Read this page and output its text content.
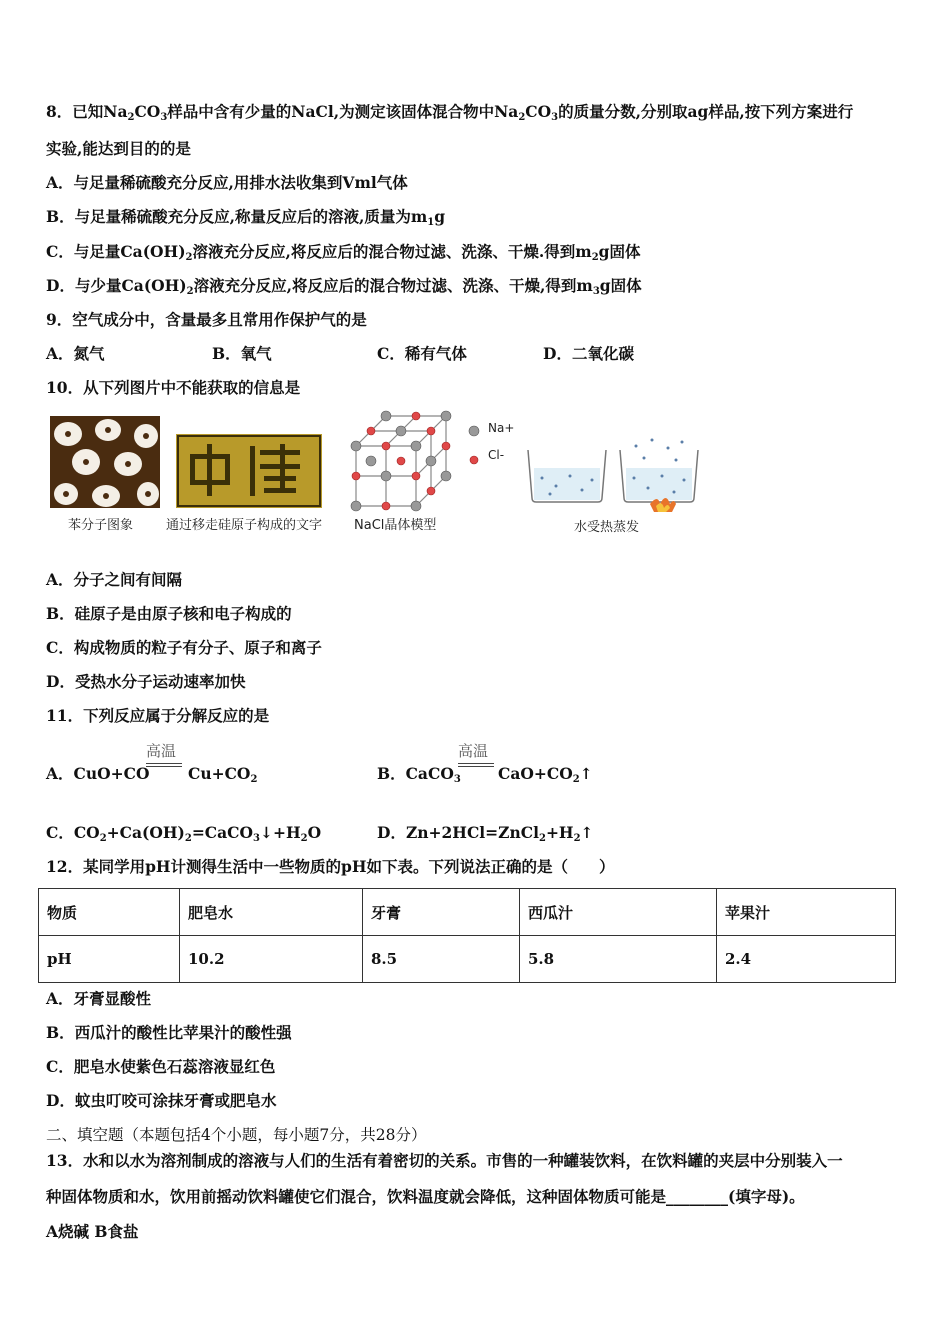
8．已知$Na_2CO_3$样品中含有少量的NaCl,为测定该固体混合物中$Na_2CO_3$的质量分数,分别取ag样品,按下列方案进行
实验,能达到目的的是
A．与足量稀硫酸充分反应,用排水法收集到Vml气体
B．与足量稀硫酸充分反应,称量反应后的溶液,质量为$m_1g$
C．与足量$Ca(OH)_2$溶液充分反应,将反应后的混合物过滤、洗涤、干燥.得到$m_2g$固体
D．与少量$Ca(OH)_2$溶液充分反应,将反应后的混合物过滤、洗涤、干燥,得到$m_3g$固体
9．空气成分中，含量最多且常用作保护气的是
A．氮气	B．氧气	C．稀有气体	D．二氧化碳
10．从下列图片中不能获取的信息是
苯分子图象	通过移走硅原子构成的文字
Na+
Cl-
NaCl晶体模型	水受热蒸发
A．分子之间有间隔
B．硅原子是由原子核和电子构成的
C．构成物质的粒子有分子、原子和离子
D．受热水分子运动速率加快
11．下列反应属于分解反应的是
高温
A．CuO+CO $Cu+CO_2$
高温
B．CaCO$_3$ $CaO+CO_2↑$
C．$CO_2+Ca(OH)_2=CaCO_3↓+H_2O$	D．$Zn+2HCl=ZnCl_2+H_2↑$
12．某同学用pH计测得生活中一些物质的pH如下表。下列说法正确的是（　　）
物质	肥皂水	牙膏	西瓜汁	苹果汁
pH	10.2	8.5	5.8	2.4
A．牙膏显酸性
B．西瓜汁的酸性比苹果汁的酸性强
C．肥皂水使紫色石蕊溶液显红色
D．蚊虫叮咬可涂抹牙膏或肥皂水
二、填空题（本题包括4个小题，每小题7分，共28分）
13．水和以水为溶剂制成的溶液与人们的生活有着密切的关系。市售的一种罐装饮料，在饮料罐的夹层中分别装入一
种固体物质和水，饮用前摇动饮料罐使它们混合，饮料温度就会降低，这种固体物质可能是________(填字母)。
A烧碱 B食盐
